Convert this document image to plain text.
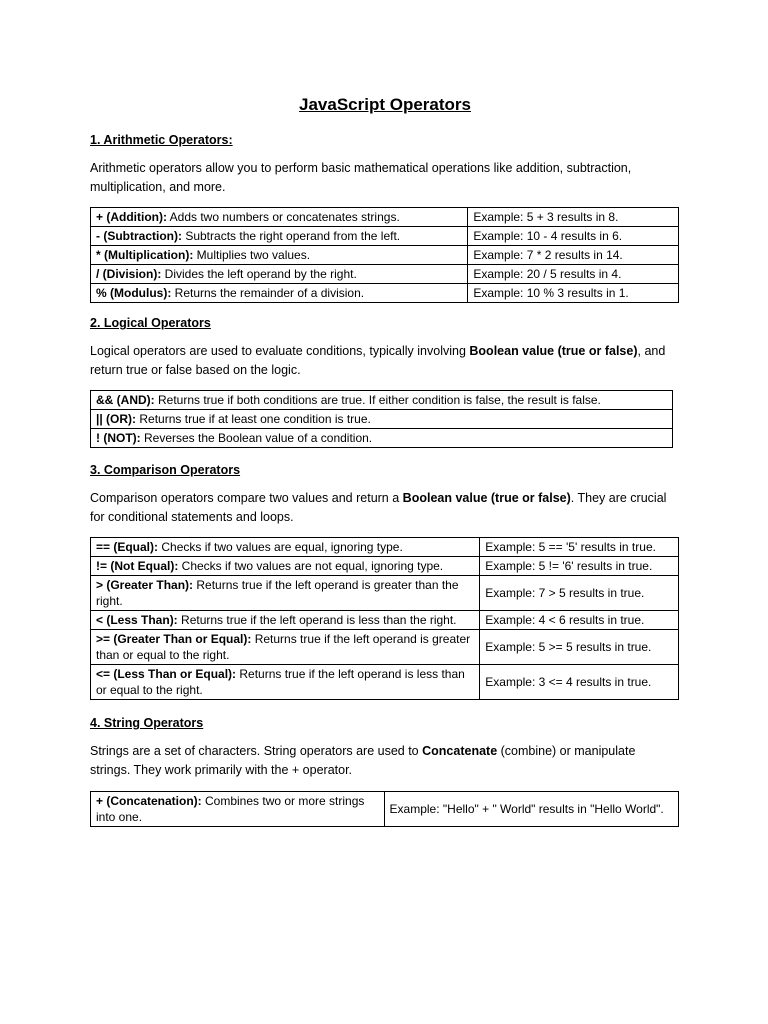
JavaScript Operators
1. Arithmetic Operators:
Arithmetic operators allow you to perform basic mathematical operations like addition, subtraction, multiplication, and more.
+ (Addition): Adds two numbers or concatenates strings.	Example: 5 + 3 results in 8.
- (Subtraction): Subtracts the right operand from the left.	Example: 10 - 4 results in 6.
* (Multiplication): Multiplies two values.	Example: 7 * 2 results in 14.
/ (Division): Divides the left operand by the right.	Example: 20 / 5 results in 4.
% (Modulus): Returns the remainder of a division.	Example: 10 % 3 results in 1.
2. Logical Operators
Logical operators are used to evaluate conditions, typically involving Boolean value (true or false), and return true or false based on the logic.
&& (AND): Returns true if both conditions are true. If either condition is false, the result is false.
|| (OR): Returns true if at least one condition is true.
! (NOT): Reverses the Boolean value of a condition.
3. Comparison Operators
Comparison operators compare two values and return a Boolean value (true or false). They are crucial for conditional statements and loops.
== (Equal): Checks if two values are equal, ignoring type.	Example: 5 == '5' results in true.
!= (Not Equal): Checks if two values are not equal, ignoring type.	Example: 5 != '6' results in true.
> (Greater Than): Returns true if the left operand is greater than the right.	Example: 7 > 5 results in true.
< (Less Than): Returns true if the left operand is less than the right.	Example: 4 < 6 results in true.
>= (Greater Than or Equal): Returns true if the left operand is greater than or equal to the right.	Example: 5 >= 5 results in true.
<= (Less Than or Equal): Returns true if the left operand is less than or equal to the right.	Example: 3 <= 4 results in true.
4. String Operators
Strings are a set of characters. String operators are used to Concatenate (combine) or manipulate strings. They work primarily with the + operator.
+ (Concatenation): Combines two or more strings into one.	Example: "Hello" + " World" results in "Hello World".
